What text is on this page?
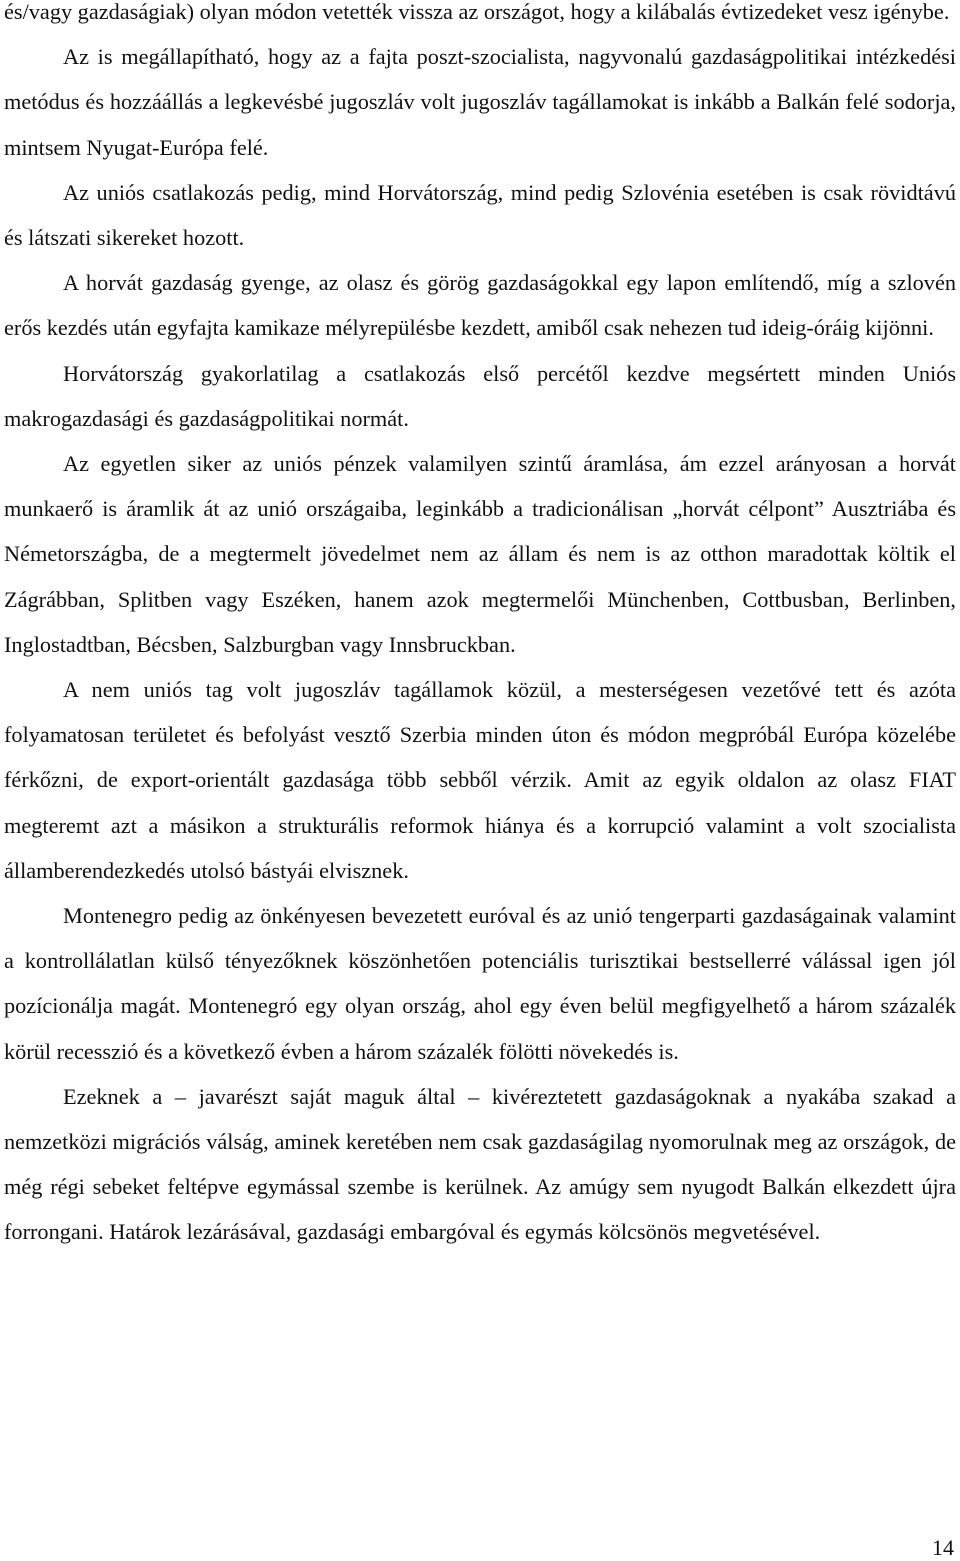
és/vagy gazdaságiak) olyan módon vetették vissza az országot, hogy a kilábalás évtizedeket vesz igénybe.

Az is megállapítható, hogy az a fajta poszt-szocialista, nagyvonalú gazdaságpolitikai intézkedési metódus és hozzáállás a legkevésbé jugoszláv volt jugoszláv tagállamokat is inkább a Balkán felé sodorja, mintsem Nyugat-Európa felé.

Az uniós csatlakozás pedig, mind Horvátország, mind pedig Szlovénia esetében is csak rövidtávú és látszati sikereket hozott.

A horvát gazdaság gyenge, az olasz és görög gazdaságokkal egy lapon említendő, míg a szlovén erős kezdés után egyfajta kamikaze mélyrepülésbe kezdett, amiből csak nehezen tud ideig-óráig kijönni.

Horvátország gyakorlatilag a csatlakozás első percétől kezdve megsértett minden Uniós makrogazdasági és gazdaságpolitikai normát.

Az egyetlen siker az uniós pénzek valamilyen szintű áramlása, ám ezzel arányosan a horvát munkaerő is áramlik át az unió országaiba, leginkább a tradicionálisan „horvát célpont” Ausztriába és Németországba, de a megtermelt jövedelmet nem az állam és nem is az otthon maradottak költik el Zágrábban, Splitben vagy Eszéken, hanem azok megtermelői Münchenben, Cottbusban, Berlinben, Inglostadtban, Bécsben, Salzburgban vagy Innsbruckban.

A nem uniós tag volt jugoszláv tagállamok közül, a mesterségesen vezetővé tett és azóta folyamatosan területet és befolyást vesztő Szerbia minden úton és módon megpróbál Európa közelébe férkőzni, de export-orientált gazdasága több sebből vérzik. Amit az egyik oldalon az olasz FIAT megteremt azt a másikon a strukturális reformok hiánya és a korrupció valamint a volt szocialista államberendezkedés utolsó bástyái elvisznek.

Montenegro pedig az önkényesen bevezetett euróval és az unió tengerparti gazdaságainak valamint a kontrollálatlan külső tényezőknek köszönhetően potenciális turisztikai bestsellerré válással igen jól pozícionálja magát. Montenegró egy olyan ország, ahol egy éven belül megfigyelhető a három százalék körül recesszió és a következő évben a három százalék fölötti növekedés is.

Ezeknek a – javarészt saját maguk által – kivéreztetett gazdaságoknak a nyakába szakad a nemzetközi migrációs válság, aminek keretében nem csak gazdaságilag nyomorulnak meg az országok, de még régi sebeket feltépve egymással szembe is kerülnek. Az amúgy sem nyugodt Balkán elkezdett újra forrongani. Határok lezárásával, gazdasági embargóval és egymás kölcsönös megvetésével.

14
